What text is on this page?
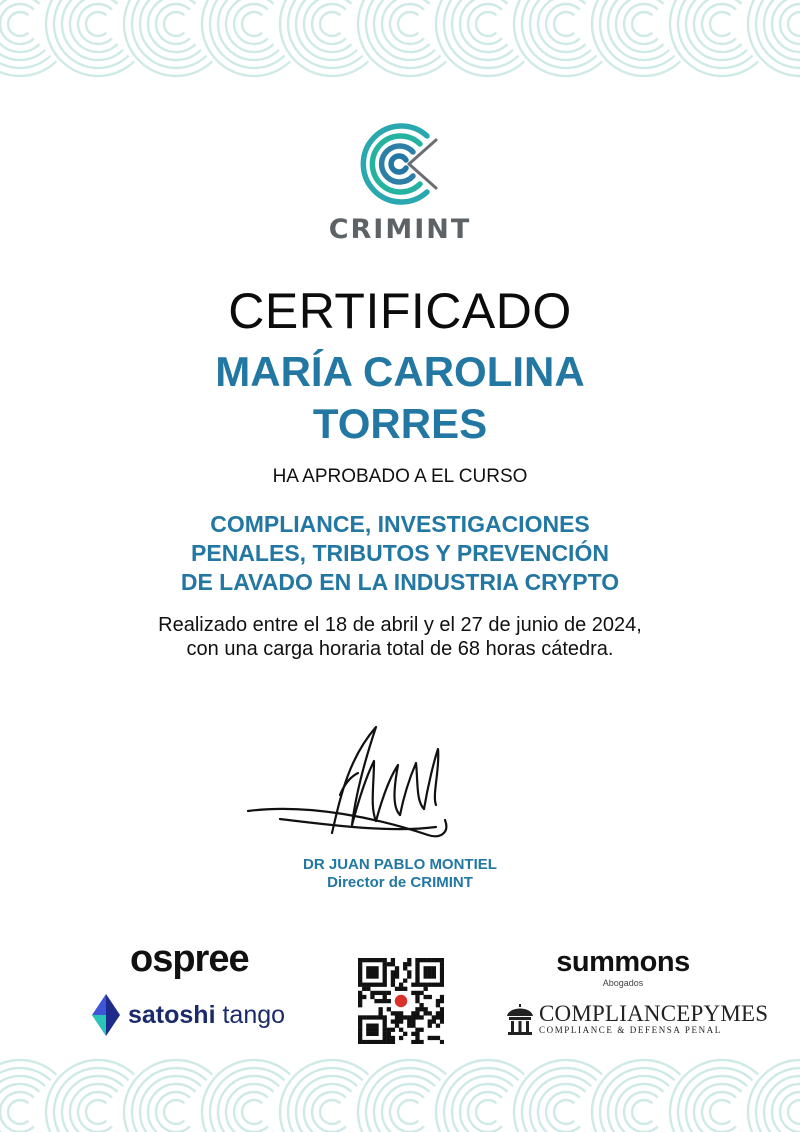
CRIMINT
CERTIFICADO
MARÍA CAROLINA
TORRES
HA APROBADO A EL CURSO
COMPLIANCE, INVESTIGACIONES
PENALES, TRIBUTOS Y PREVENCIÓN
DE LAVADO EN LA INDUSTRIA CRYPTO
Realizado entre el 18 de abril y el 27 de junio de 2024,
con una carga horaria total de 68 horas cátedra.
DR JUAN PABLO MONTIEL
Director de CRIMINT
ospree
satoshi tango
summons
Abogados
COMPLIANCEPYMES
COMPLIANCE & DEFENSA PENAL
